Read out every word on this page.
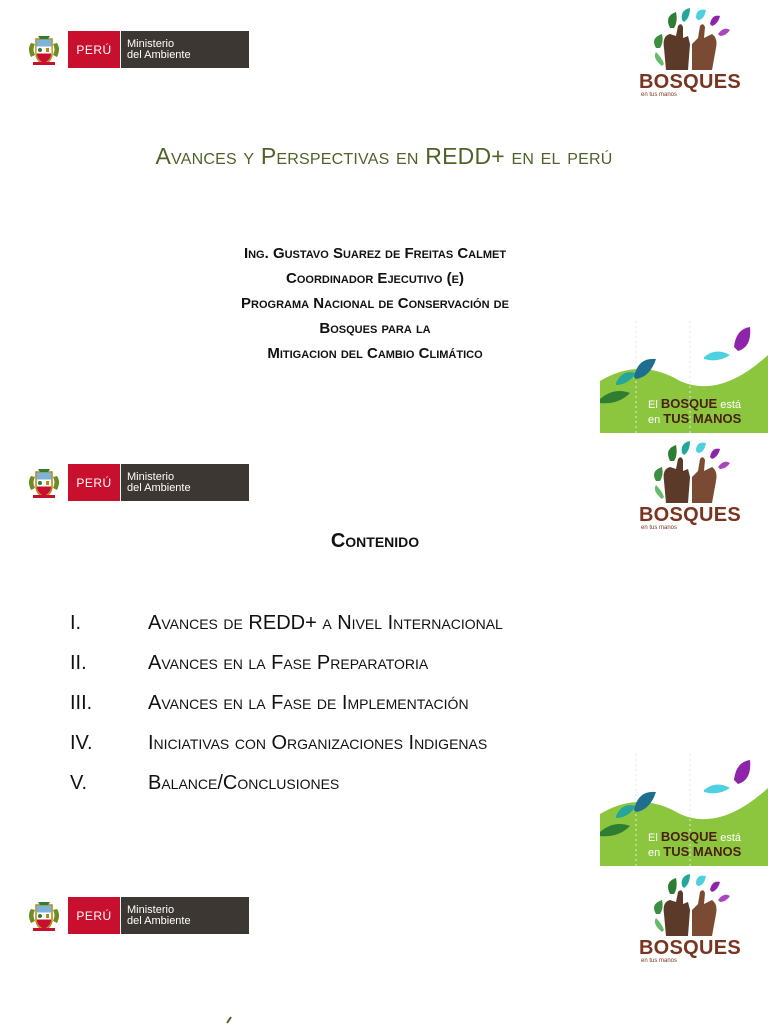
PERÚ	Ministerio
del Ambiente
BOSQUES
en tus manos
Avances y Perspectivas en REDD+ en el perú
Ing. Gustavo Suarez de Freitas Calmet
Coordinador Ejecutivo (e)
Programa Nacional de Conservación de
Bosques para la
Mitigacion del Cambio Climático
El BOSQUE está
en TUS MANOS
PERÚ	Ministerio
del Ambiente
BOSQUES
en tus manos
Contenido
I.	Avances de REDD+ a Nivel Internacional
II.	Avances en la Fase Preparatoria
III.	Avances en la Fase de Implementación
IV.	Iniciativas con Organizaciones Indigenas
V.	Balance/Conclusiones
El BOSQUE está
en TUS MANOS
PERÚ	Ministerio
del Ambiente
BOSQUES
en tus manos
